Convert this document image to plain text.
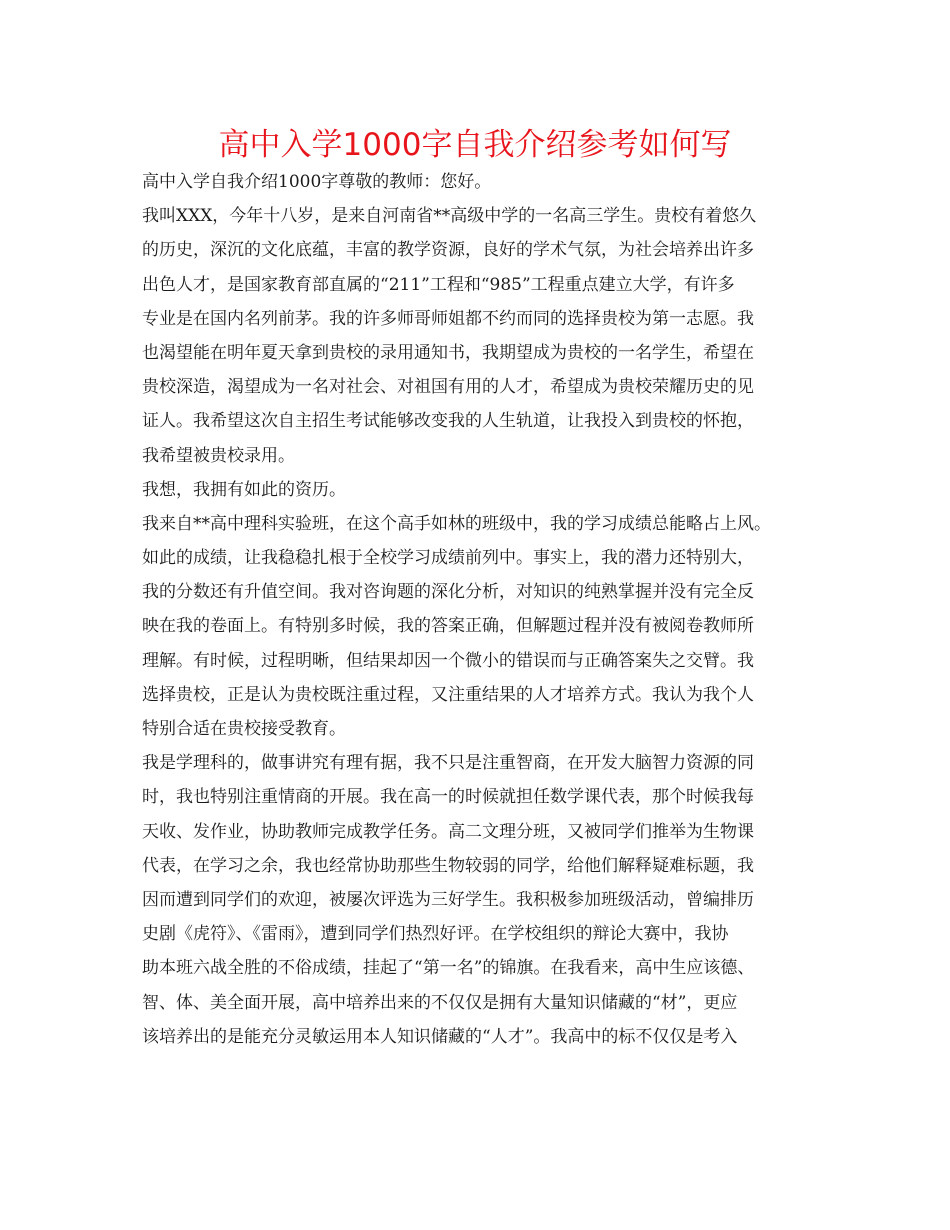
高中入学1000字自我介绍参考如何写
高中入学自我介绍1000字尊敬的教师：您好。
我叫XXX，今年十八岁，是来自河南省**高级中学的一名高三学生。贵校有着悠久
的历史，深沉的文化底蕴，丰富的教学资源，良好的学术气氛，为社会培养出许多
出色人才，是国家教育部直属的“211”工程和“985”工程重点建立大学，有许多
专业是在国内名列前茅。我的许多师哥师姐都不约而同的选择贵校为第一志愿。我
也渴望能在明年夏天拿到贵校的录用通知书，我期望成为贵校的一名学生，希望在
贵校深造，渴望成为一名对社会、对祖国有用的人才，希望成为贵校荣耀历史的见
证人。我希望这次自主招生考试能够改变我的人生轨道，让我投入到贵校的怀抱，
我希望被贵校录用。
我想，我拥有如此的资历。
我来自**高中理科实验班，在这个高手如林的班级中，我的学习成绩总能略占上风。
如此的成绩，让我稳稳扎根于全校学习成绩前列中。事实上，我的潜力还特别大，
我的分数还有升值空间。我对咨询题的深化分析，对知识的纯熟掌握并没有完全反
映在我的卷面上。有特别多时候，我的答案正确，但解题过程并没有被阅卷教师所
理解。有时候，过程明晰，但结果却因一个微小的错误而与正确答案失之交臂。我
选择贵校，正是认为贵校既注重过程，又注重结果的人才培养方式。我认为我个人
特别合适在贵校接受教育。
我是学理科的，做事讲究有理有据，我不只是注重智商，在开发大脑智力资源的同
时，我也特别注重情商的开展。我在高一的时候就担任数学课代表，那个时候我每
天收、发作业，协助教师完成教学任务。高二文理分班，又被同学们推举为生物课
代表，在学习之余，我也经常协助那些生物较弱的同学，给他们解释疑难标题，我
因而遭到同学们的欢迎，被屡次评选为三好学生。我积极参加班级活动，曾编排历
史剧《虎符》、《雷雨》，遭到同学们热烈好评。在学校组织的辩论大赛中，我协
助本班六战全胜的不俗成绩，挂起了“第一名”的锦旗。在我看来，高中生应该德、
智、体、美全面开展，高中培养出来的不仅仅是拥有大量知识储藏的“材”，更应
该培养出的是能充分灵敏运用本人知识储藏的“人才”。我高中的标不仅仅是考入
